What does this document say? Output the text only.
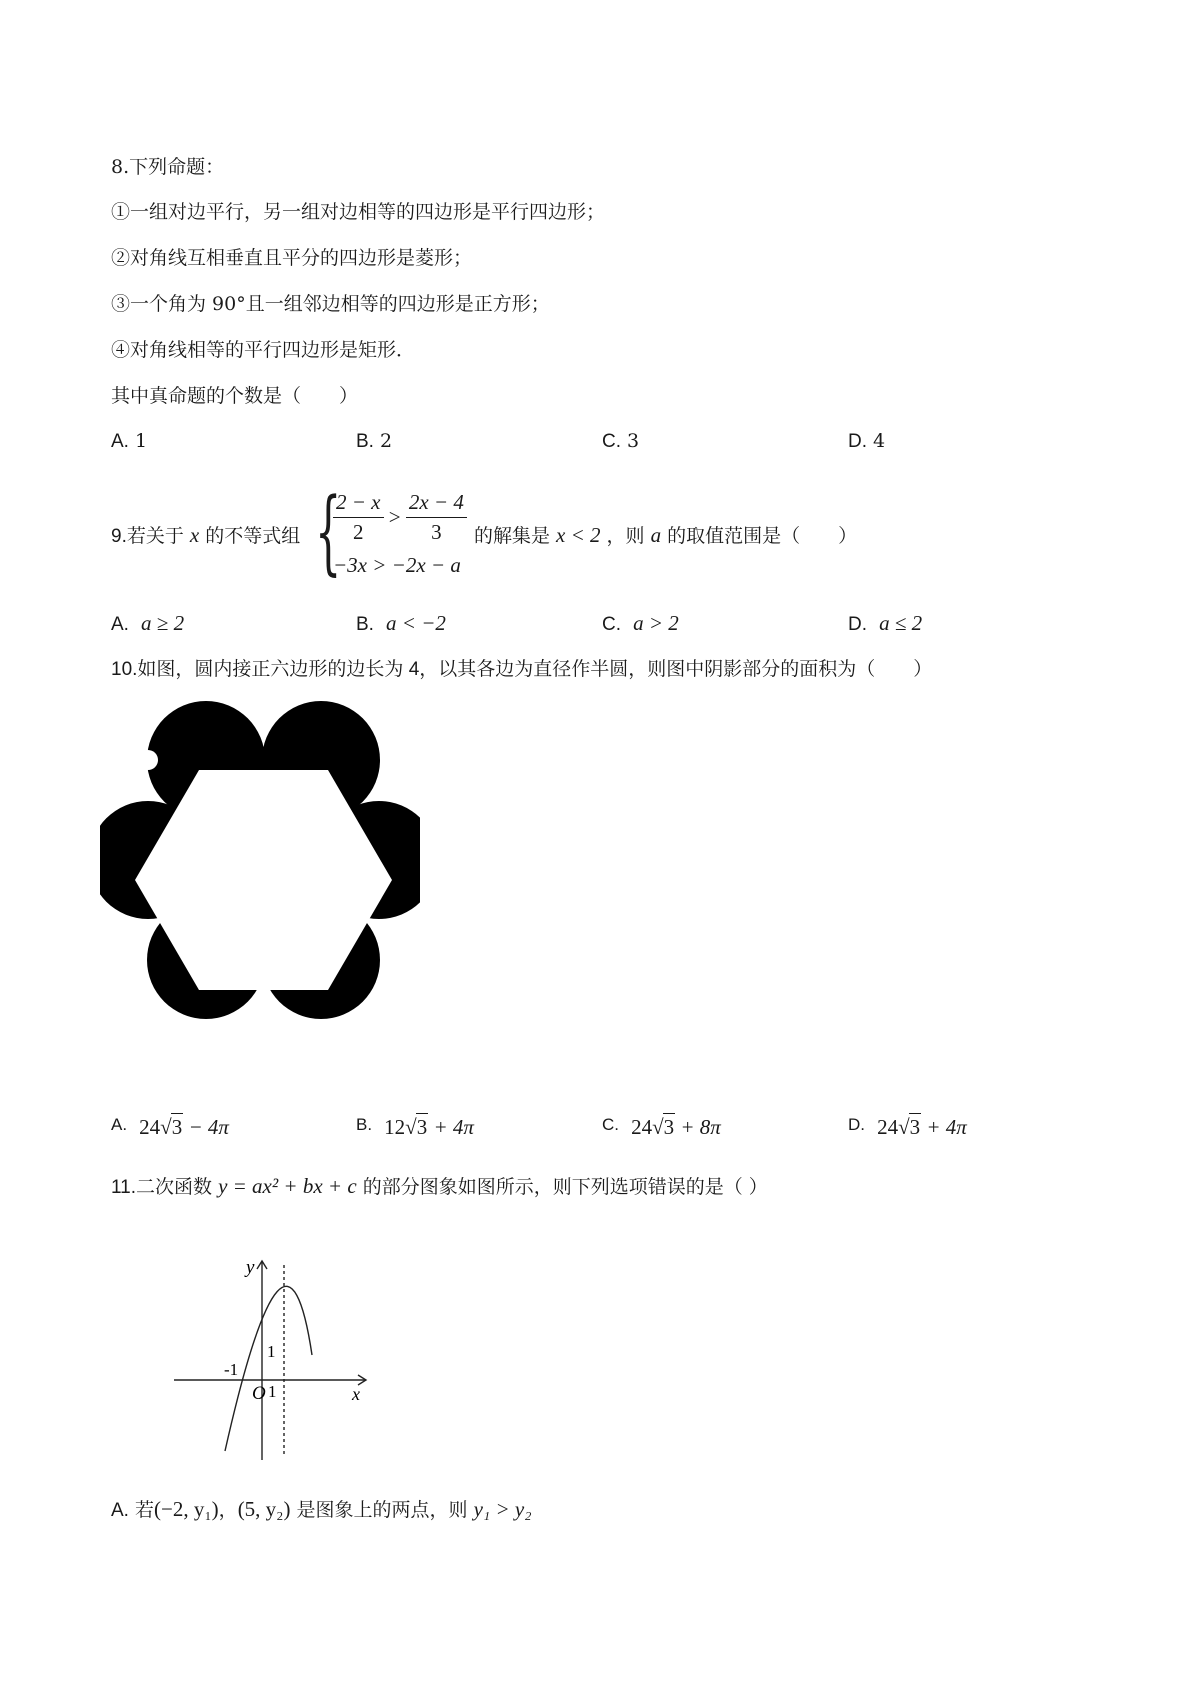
8.下列命题：
①一组对边平行，另一组对边相等的四边形是平行四边形；
②对角线互相垂直且平分的四边形是菱形；
③一个角为 90°且一组邻边相等的四边形是正方形；
④对角线相等的平行四边形是矩形．
其中真命题的个数是（　　）
A. 1	B. 2	C. 3	D. 4
9.若关于 x 的不等式组 {
$\frac{2 - x}{2} > \frac{2x - 4}{3}$
−3x > −2x − a
的解集是 x < 2 ，则 a 的取值范围是（　　）
A. a ≥ 2	B. a < −2	C. a > 2	D. a ≤ 2
10.如图，圆内接正六边形的边长为 4，以其各边为直径作半圆，则图中阴影部分的面积为（　　）
A. 24√3 − 4π	B. 12√3 + 4π	C. 24√3 + 8π	D. 24√3 + 4π
11.二次函数 y = ax² + bx + c 的部分图象如图所示，则下列选项错误的是（ ）
y
x
O
-1
1
1
A. 若(−2, y₁)，(5, y₂) 是图象上的两点，则 y₁ > y₂
